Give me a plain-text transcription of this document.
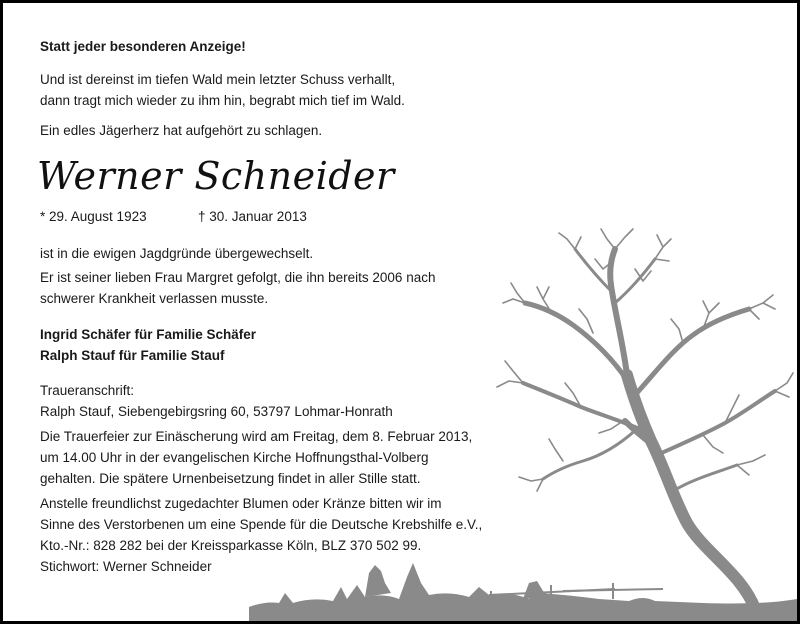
Statt jeder besonderen Anzeige!

Und ist dereinst im tiefen Wald mein letzter Schuss verhallt,

dann tragt mich wieder zu ihm hin, begrabt mich tief im Wald.

Ein edles Jägerherz hat aufgehört zu schlagen.

Werner Schneider

* 29. August 1923	† 30. Januar 2013

ist in die ewigen Jagdgründe übergewechselt.

Er ist seiner lieben Frau Margret gefolgt, die ihn bereits 2006 nach

schwerer Krankheit verlassen musste.

Ingrid Schäfer für Familie Schäfer

Ralph Stauf für Familie Stauf

Traueranschrift:

Ralph Stauf, Siebengebirgsring 60, 53797 Lohmar-Honrath

Die Trauerfeier zur Einäscherung wird am Freitag, dem 8. Februar 2013,

um 14.00 Uhr in der evangelischen Kirche Hoffnungsthal-Volberg

gehalten. Die spätere Urnenbeisetzung findet in aller Stille statt.

Anstelle freundlichst zugedachter Blumen oder Kränze bitten wir im

Sinne des Verstorbenen um eine Spende für die Deutsche Krebshilfe e.V.,

Kto.-Nr.: 828 282 bei der Kreissparkasse Köln, BLZ 370 502 99.

Stichwort: Werner Schneider
